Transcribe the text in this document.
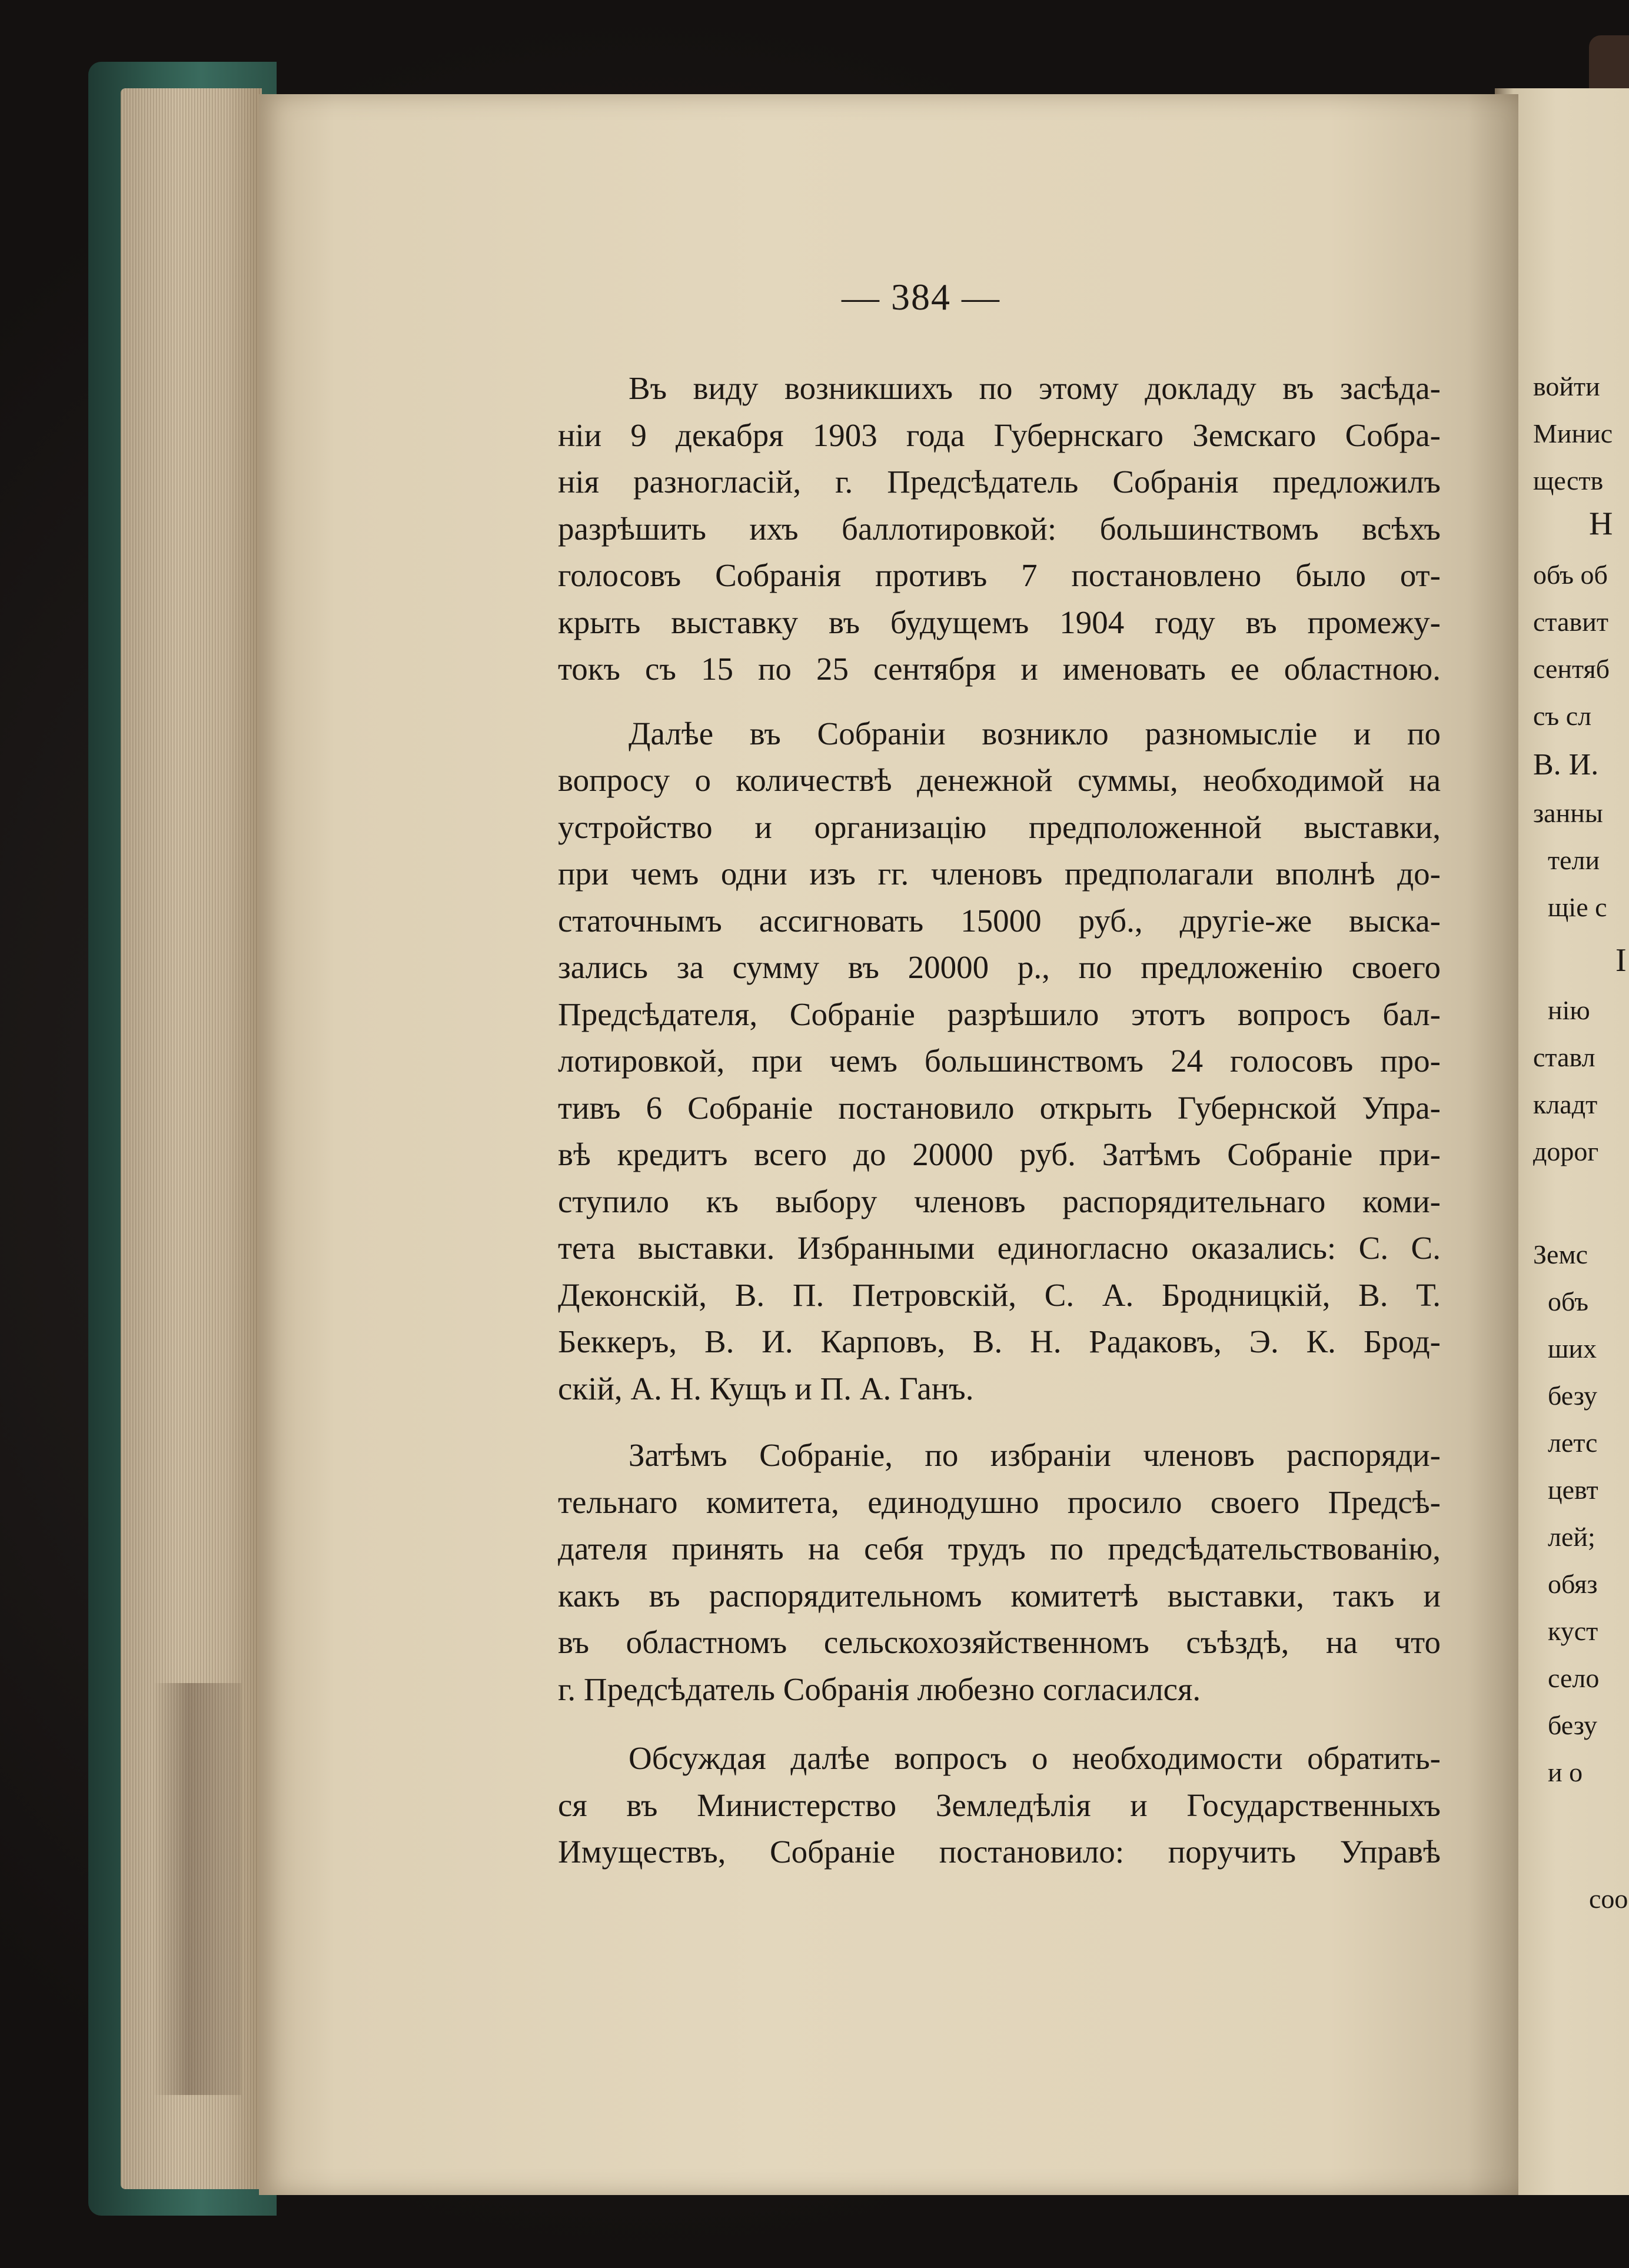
— 384 —

Въ виду возникшихъ по этому докладу въ засѣда-
ніи 9 декабря 1903 года Губернскаго Земскаго Собра-
нія разногласій, г. Предсѣдатель Собранія предложилъ
разрѣшить ихъ баллотировкой: большинствомъ всѣхъ
голосовъ Собранія противъ 7 постановлено было от-
крыть выставку въ будущемъ 1904 году въ промежу-
токъ съ 15 по 25 сентября и именовать ее областною.

Далѣе въ Собраніи возникло разномысліе и по
вопросу о количествѣ денежной суммы, необходимой на
устройство и организацію предположенной выставки,
при чемъ одни изъ гг. членовъ предполагали вполнѣ до-
статочнымъ ассигновать 15000 руб., другіе-же выска-
зались за сумму въ 20000 р., по предложенію своего
Предсѣдателя, Собраніе разрѣшило этотъ вопросъ бал-
лотировкой, при чемъ большинствомъ 24 голосовъ про-
тивъ 6 Собраніе постановило открыть Губернской Упра-
вѣ кредитъ всего до 20000 руб. Затѣмъ Собраніе при-
ступило къ выбору членовъ распорядительнаго коми-
тета выставки. Избранными единогласно оказались: С. С.
Деконскій, В. П. Петровскій, С. А. Бродницкій, В. Т.
Беккеръ, В. И. Карповъ, В. Н. Радаковъ, Э. К. Брод-
скій, А. Н. Кущъ и П. А. Ганъ.

Затѣмъ Собраніе, по избраніи членовъ распоряди-
тельнаго комитета, единодушно просило своего Предсѣ-
дателя принять на себя трудъ по предсѣдательствованію,
какъ въ распорядительномъ комитетѣ выставки, такъ и
въ областномъ сельскохозяйственномъ съѣздѣ, на что
г. Предсѣдатель Собранія любезно согласился.

Обсуждая далѣе вопросъ о необходимости обратить-
ся въ Министерство Земледѣлія и Государственныхъ
Имуществъ, Собраніе постановило: поручить Управѣ

войти
Минис
ществ
Н
объ об
ставит
сентяб
съ сл
В. И.
занны
тели
щіе с
І
нію
ставл
кладт
дорог
Земс
объ
ших
безу
летс
цевт
лей;
обяз
куст
село
безу
и о
соо
